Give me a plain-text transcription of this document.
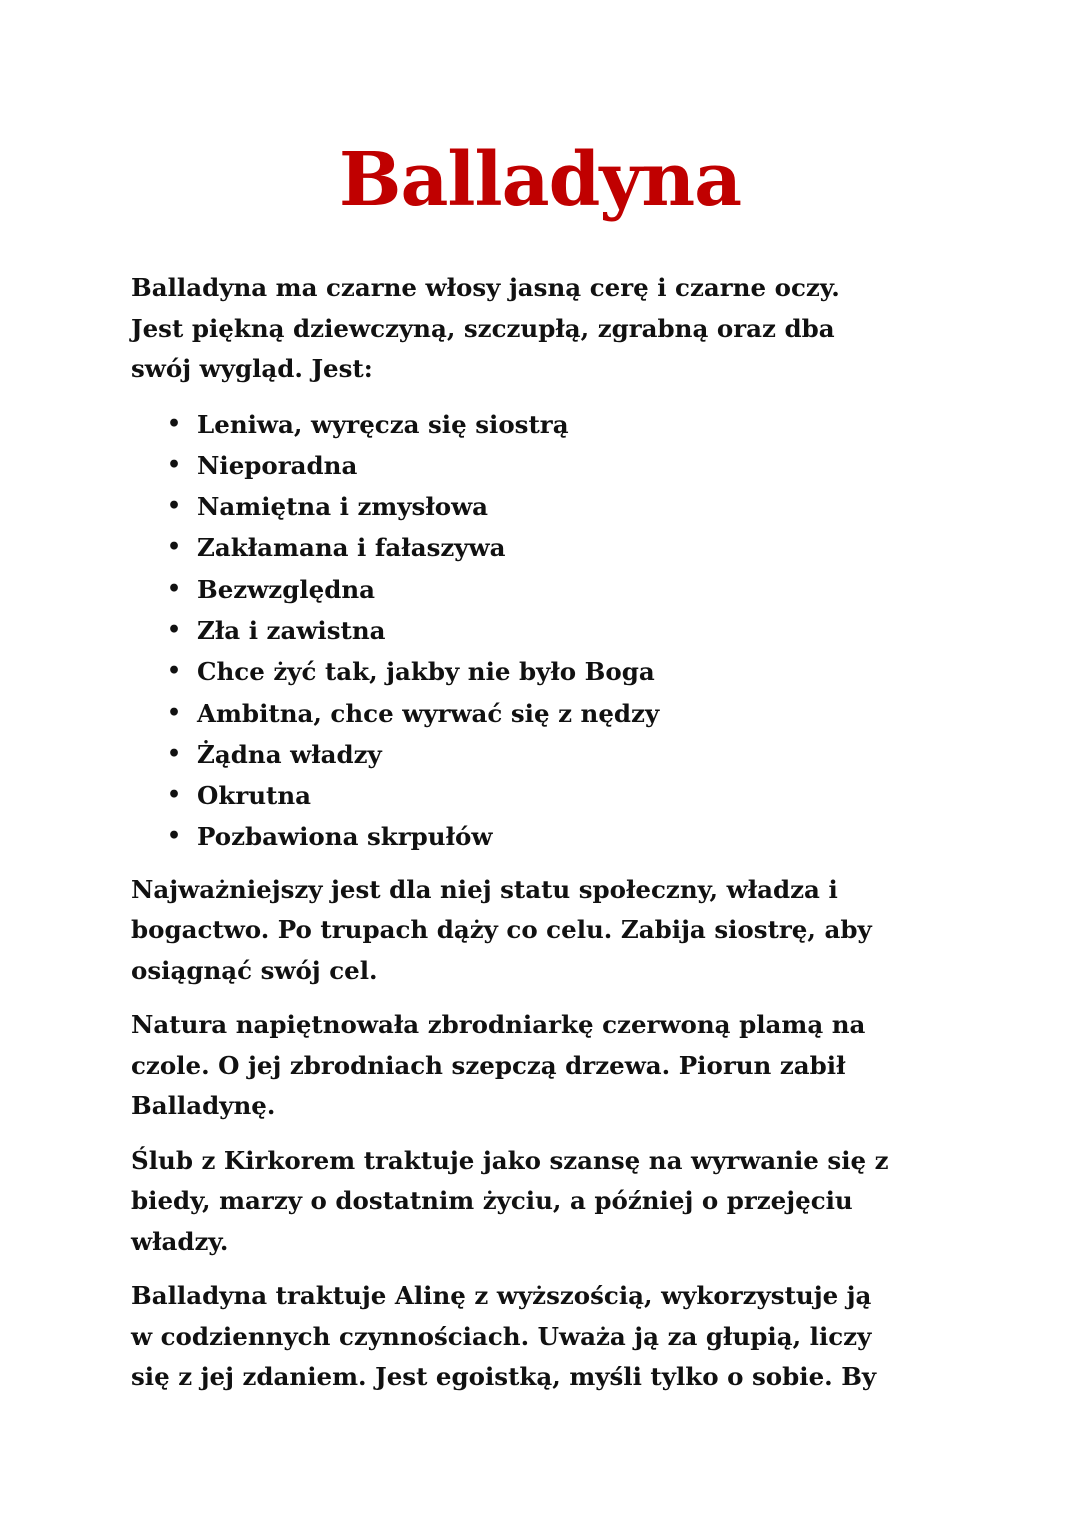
Balladyna

Balladyna ma czarne włosy jasną cerę i czarne oczy.
Jest piękną dziewczyną, szczupłą, zgrabną oraz dba
swój wygląd. Jest:

• Leniwa, wyręcza się siostrą
• Nieporadna
• Namiętna i zmysłowa
• Zakłamana i fałaszywa
• Bezwzględna
• Zła i zawistna
• Chce żyć tak, jakby nie było Boga
• Ambitna, chce wyrwać się z nędzy
• Żądna władzy
• Okrutna
• Pozbawiona skrpułów

Najważniejszy jest dla niej statu społeczny, władza i
bogactwo. Po trupach dąży co celu. Zabija siostrę, aby
osiągnąć swój cel.

Natura napiętnowała zbrodniarkę czerwoną plamą na
czole. O jej zbrodniach szepczą drzewa. Piorun zabił
Balladynę.

Ślub z Kirkorem traktuje jako szansę na wyrwanie się z
biedy, marzy o dostatnim życiu, a później o przejęciu
władzy.

Balladyna traktuje Alinę z wyższością, wykorzystuje ją
w codziennych czynnościach. Uważa ją za głupią, liczy
się z jej zdaniem. Jest egoistką, myśli tylko o sobie. By
